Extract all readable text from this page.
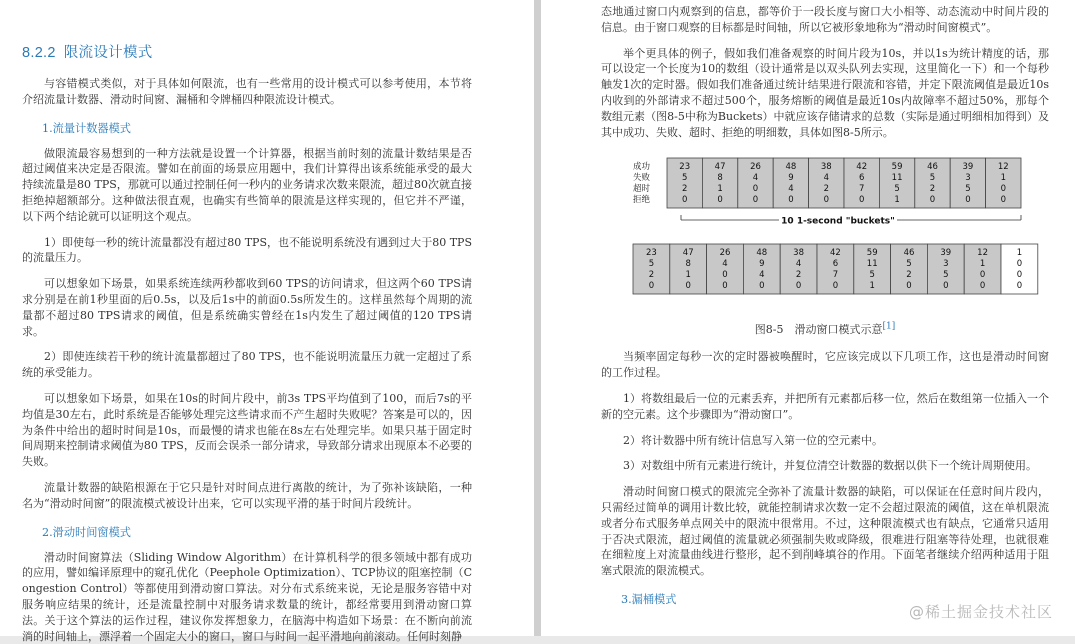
8.2.2 限流设计模式

与容错模式类似，对于具体如何限流，也有一些常用的设计模式可以参考使用，本节将介绍流量计数器、滑动时间窗、漏桶和令牌桶四种限流设计模式。

1.流量计数器模式

做限流最容易想到的一种方法就是设置一个计算器，根据当前时刻的流量计数结果是否超过阈值来决定是否限流。譬如在前面的场景应用题中，我们计算得出该系统能承受的最大持续流量是80 TPS，那就可以通过控制任何一秒内的业务请求次数来限流，超过80次就直接拒绝掉超额部分。这种做法很直观，也确实有些简单的限流是这样实现的，但它并不严谨，以下两个结论就可以证明这个观点。

1）即使每一秒的统计流量都没有超过80 TPS，也不能说明系统没有遇到过大于80 TPS的流量压力。

可以想象如下场景，如果系统连续两秒都收到60 TPS的访问请求，但这两个60 TPS请求分别是在前1秒里面的后0.5s，以及后1s中的前面0.5s所发生的。这样虽然每个周期的流量都不超过80 TPS请求的阈值，但是系统确实曾经在1s内发生了超过阈值的120 TPS请求。

2）即使连续若干秒的统计流量都超过了80 TPS，也不能说明流量压力就一定超过了系统的承受能力。

可以想象如下场景，如果在10s的时间片段中，前3s TPS平均值到了100，而后7s的平均值是30左右，此时系统是否能够处理完这些请求而不产生超时失败呢？答案是可以的，因为条件中给出的超时时间是10s，而最慢的请求也能在8s左右处理完毕。如果只基于固定时间周期来控制请求阈值为80 TPS，反而会误杀一部分请求，导致部分请求出现原本不必要的失败。

流量计数器的缺陷根源在于它只是针对时间点进行离散的统计，为了弥补该缺陷，一种名为“滑动时间窗”的限流模式被设计出来，它可以实现平滑的基于时间片段统计。

2.滑动时间窗模式

滑动时间窗算法（Sliding Window Algorithm）在计算机科学的很多领域中都有成功的应用，譬如编译原理中的窥孔优化（Peephole Optimization）、TCP协议的阻塞控制（Congestion Control）等都使用到滑动窗口算法。对分布式系统来说，无论是服务容错中对服务响应结果的统计，还是流量控制中对服务请求数量的统计，都经常要用到滑动窗口算法。关于这个算法的运作过程，建议你发挥想象力，在脑海中构造如下场景：在不断向前流淌的时间轴上，漂浮着一个固定大小的窗口，窗口与时间一起平滑地向前滚动。任何时刻静

态地通过窗口内观察到的信息，都等价于一段长度与窗口大小相等、动态流动中时间片段的信息。由于窗口观察的目标都是时间轴，所以它被形象地称为“滑动时间窗模式”。

举个更具体的例子，假如我们准备观察的时间片段为10s，并以1s为统计精度的话，那可以设定一个长度为10的数组（设计通常是以双头队列去实现，这里简化一下）和一个每秒触发1次的定时器。假如我们准备通过统计结果进行限流和容错，并定下限流阈值是最近10s内收到的外部请求不超过500个，服务熔断的阈值是最近10s内故障率不超过50%，那每个数组元素（图8-5中称为Buckets）中就应该存储请求的总数（实际是通过明细相加得到）及其中成功、失败、超时、拒绝的明细数，具体如图8-5所示。

成功
失败
超时
拒绝
23
5
2
0
47
8
1
0
26
4
0
0
48
9
4
0
38
4
2
0
42
6
7
0
59
11
5
1
46
5
2
0
39
3
5
0
12
1
0
0
10 1-second "buckets"
23
5
2
0
47
8
1
0
26
4
0
0
48
9
4
0
38
4
2
0
42
6
7
0
59
11
5
1
46
5
2
0
39
3
5
0
12
1
0
0
1
0
0
0
图8-5　滑动窗口模式示意[1]

当频率固定每秒一次的定时器被唤醒时，它应该完成以下几项工作，这也是滑动时间窗的工作过程。

1）将数组最后一位的元素丢弃，并把所有元素都后移一位，然后在数组第一位插入一个新的空元素。这个步骤即为“滑动窗口”。

2）将计数器中所有统计信息写入第一位的空元素中。

3）对数组中所有元素进行统计，并复位清空计数器的数据以供下一个统计周期使用。

滑动时间窗口模式的限流完全弥补了流量计数器的缺陷，可以保证在任意时间片段内，只需经过简单的调用计数比较，就能控制请求次数一定不会超过限流的阈值，这在单机限流或者分布式服务单点网关中的限流中很常用。不过，这种限流模式也有缺点，它通常只适用于否决式限流，超过阈值的流量就必须强制失败或降级，很难进行阻塞等待处理，也就很难在细粒度上对流量曲线进行整形，起不到削峰填谷的作用。下面笔者继续介绍两种适用于阻塞式限流的限流模式。

3.漏桶模式
@稀土掘金技术社区
